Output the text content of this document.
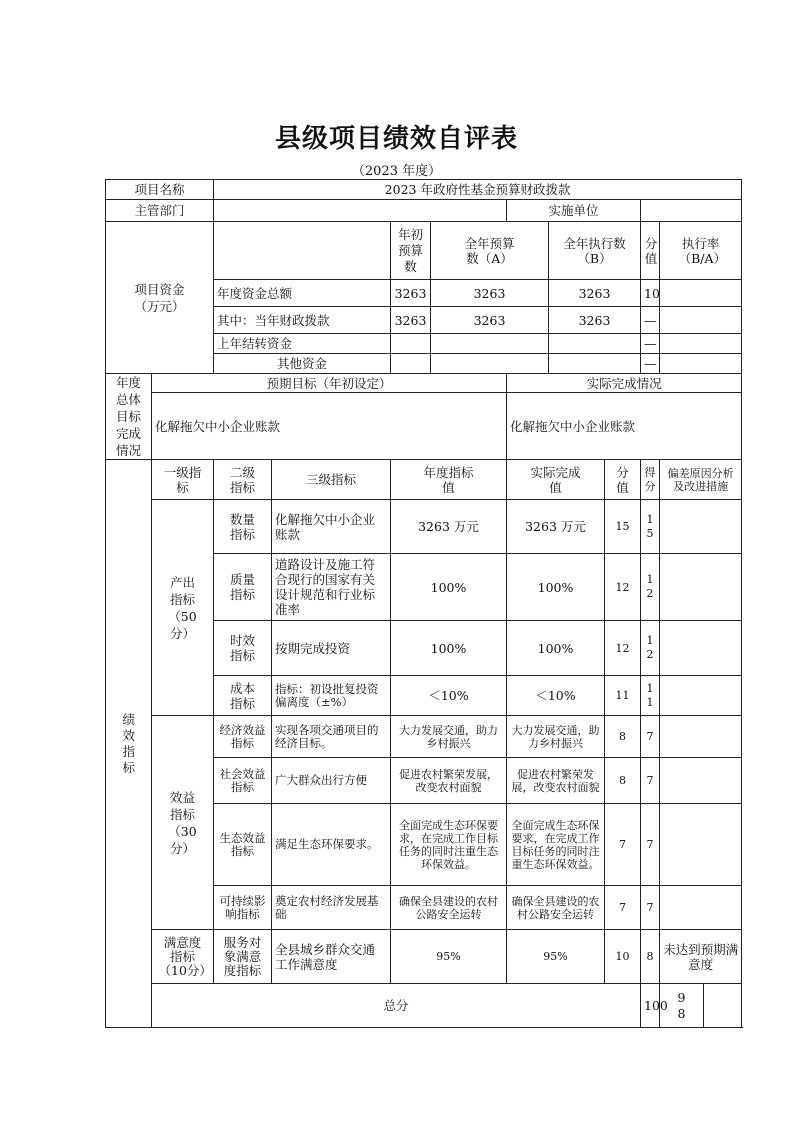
县级项目绩效自评表
（2023 年度）
项目名称		2023 年政府性基金预算财政拨款										
主管部门						实施单位						
项目资金（万元）				年初预算数	全年预算数（A）		全年执行数（B）		分值	执行率（B/A）

		年度资金总额		3263	3263		3263		10			
		其中：当年财政拨款		3263	3263		3263		—		
		上年结转资金							—		
		其他资金							—		

年度总体目标完成情况	预期目标（年初设定）					实际完成情况						
	化解拖欠中小企业账款					化解拖欠中小企业账款						

绩效指标	一级指标	二级指标	三级指标	年度指标值		实际完成值		分值	得分	偏差原因分析及改进措施		

	产出指标（50分）	数量指标	化解拖欠中小企业账款	3263 万元		3263 万元		15	15			

		质量指标	道路设计及施工符合现行的国家有关设计规范和行业标准率	100%		100%		12	12			

		时效指标	按期完成投资	100%		100%		12	12			

		成本指标	指标：初设批复投资偏离度（±%）	＜10%		＜10%		11	11			

	效益指标（30分）	经济效益指标	实现各项交通项目的经济目标。	大力发展交通，助力乡村振兴		大力发展交通，助力乡村振兴		8	7			
		社会效益指标	广大群众出行方便	促进农村繁荣发展，改变农村面貌		促进农村繁荣发展，改变农村面貌		8	7			
		生态效益指标	满足生态环保要求。	全面完成生态环保要求，在完成工作目标任务的同时注重生态环保效益。		全面完成生态环保要求，在完成工作目标任务的同时注重生态环保效益。		7	7			
		可持续影响指标	奠定农村经济发展基础	确保全县建设的农村公路安全运转		确保全县建设的农村公路安全运转		7	7			

	满意度指标（10分）	服务对象满意度指标	全县城乡群众交通工作满意度	95%		95%		10	8	未达到预期满意度		
	总分								100	98		
